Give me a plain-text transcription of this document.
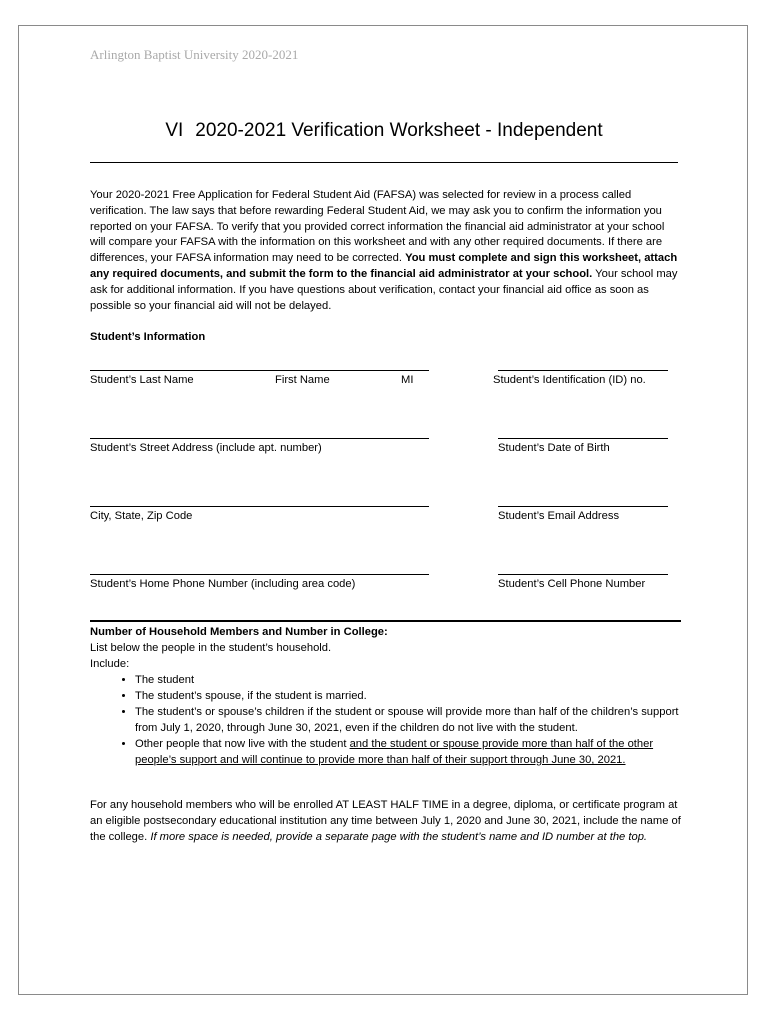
Arlington Baptist University 2020-2021
VI 2020-2021 Verification Worksheet - Independent
Your 2020-2021 Free Application for Federal Student Aid (FAFSA) was selected for review in a process called verification. The law says that before rewarding Federal Student Aid, we may ask you to confirm the information you reported on your FAFSA. To verify that you provided correct information the financial aid administrator at your school will compare your FAFSA with the information on this worksheet and with any other required documents. If there are differences, your FAFSA information may need to be corrected. You must complete and sign this worksheet, attach any required documents, and submit the form to the financial aid administrator at your school. Your school may ask for additional information. If you have questions about verification, contact your financial aid office as soon as possible so your financial aid will not be delayed.
Student’s Information
Student’s Last Name	First Name	MI	Student’s Identification (ID) no.
Student’s Street Address (include apt. number)	Student’s Date of Birth
City, State, Zip Code	Student’s Email Address
Student’s Home Phone Number (including area code)	Student’s Cell Phone Number
Number of Household Members and Number in College:
List below the people in the student’s household.
Include:
• The student
• The student’s spouse, if the student is married.
• The student’s or spouse’s children if the student or spouse will provide more than half of the children’s support from July 1, 2020, through June 30, 2021, even if the children do not live with the student.
• Other people that now live with the student and the student or spouse provide more than half of the other people’s support and will continue to provide more than half of their support through June 30, 2021.
For any household members who will be enrolled AT LEAST HALF TIME in a degree, diploma, or certificate program at an eligible postsecondary educational institution any time between July 1, 2020 and June 30, 2021, include the name of the college. If more space is needed, provide a separate page with the student’s name and ID number at the top.
